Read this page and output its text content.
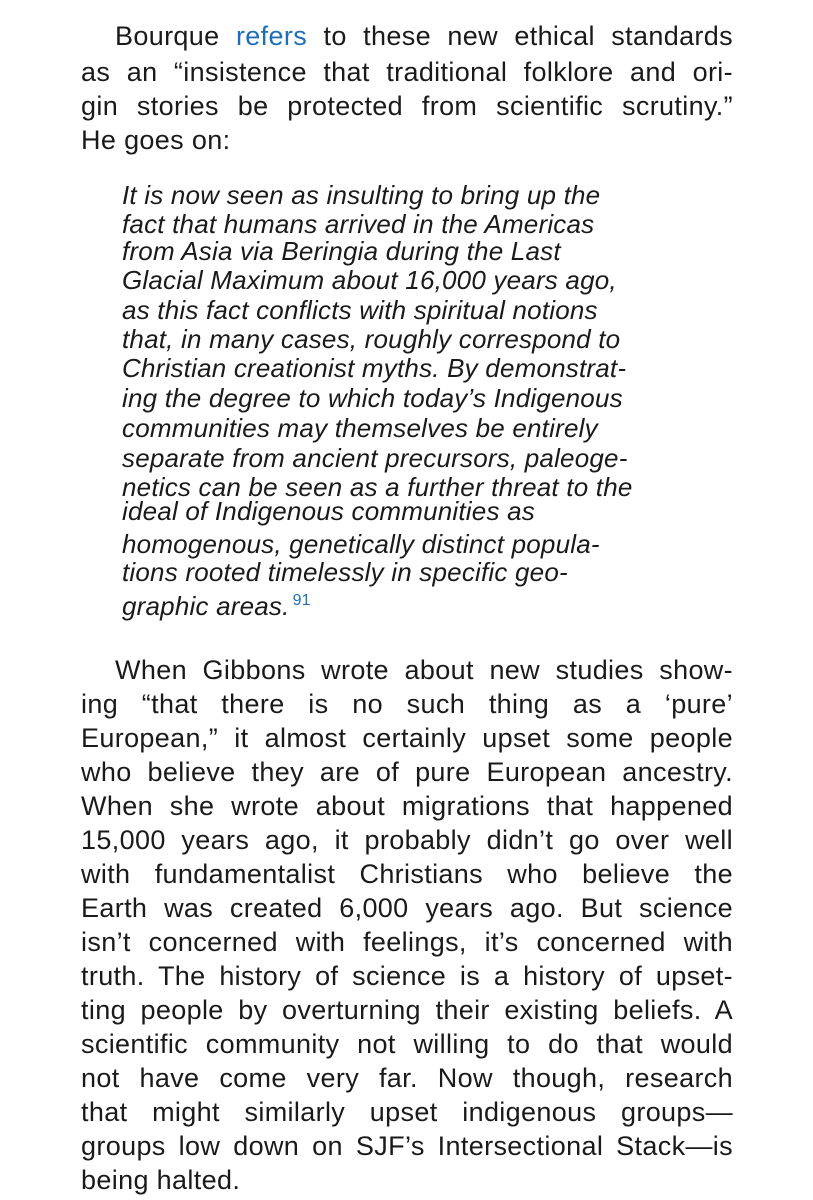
Bourque refers to these new ethical standards

as an “insistence that traditional folklore and ori-

gin stories be protected from scientific scrutiny.”

He goes on:

It is now seen as insulting to bring up the

fact that humans arrived in the Americas

from Asia via Beringia during the Last

Glacial Maximum about 16,000 years ago,

as this fact conflicts with spiritual notions

that, in many cases, roughly correspond to

Christian creationist myths. By demonstrat-

ing the degree to which today’s Indigenous

communities may themselves be entirely

separate from ancient precursors, paleoge-

netics can be seen as a further threat to the

ideal of Indigenous communities as

homogenous, genetically distinct popula-

tions rooted timelessly in specific geo-

graphic areas. $^{91}$

When Gibbons wrote about new studies show-

ing “that there is no such thing as a ‘pure’

European,” it almost certainly upset some people

who believe they are of pure European ancestry.

When she wrote about migrations that happened

15,000 years ago, it probably didn’t go over well

with fundamentalist Christians who believe the

Earth was created 6,000 years ago. But science

isn’t concerned with feelings, it’s concerned with

truth. The history of science is a history of upset-

ting people by overturning their existing beliefs. A

scientific community not willing to do that would

not have come very far. Now though, research

that might similarly upset indigenous groups—

groups low down on SJF’s Intersectional Stack—is

being halted.
